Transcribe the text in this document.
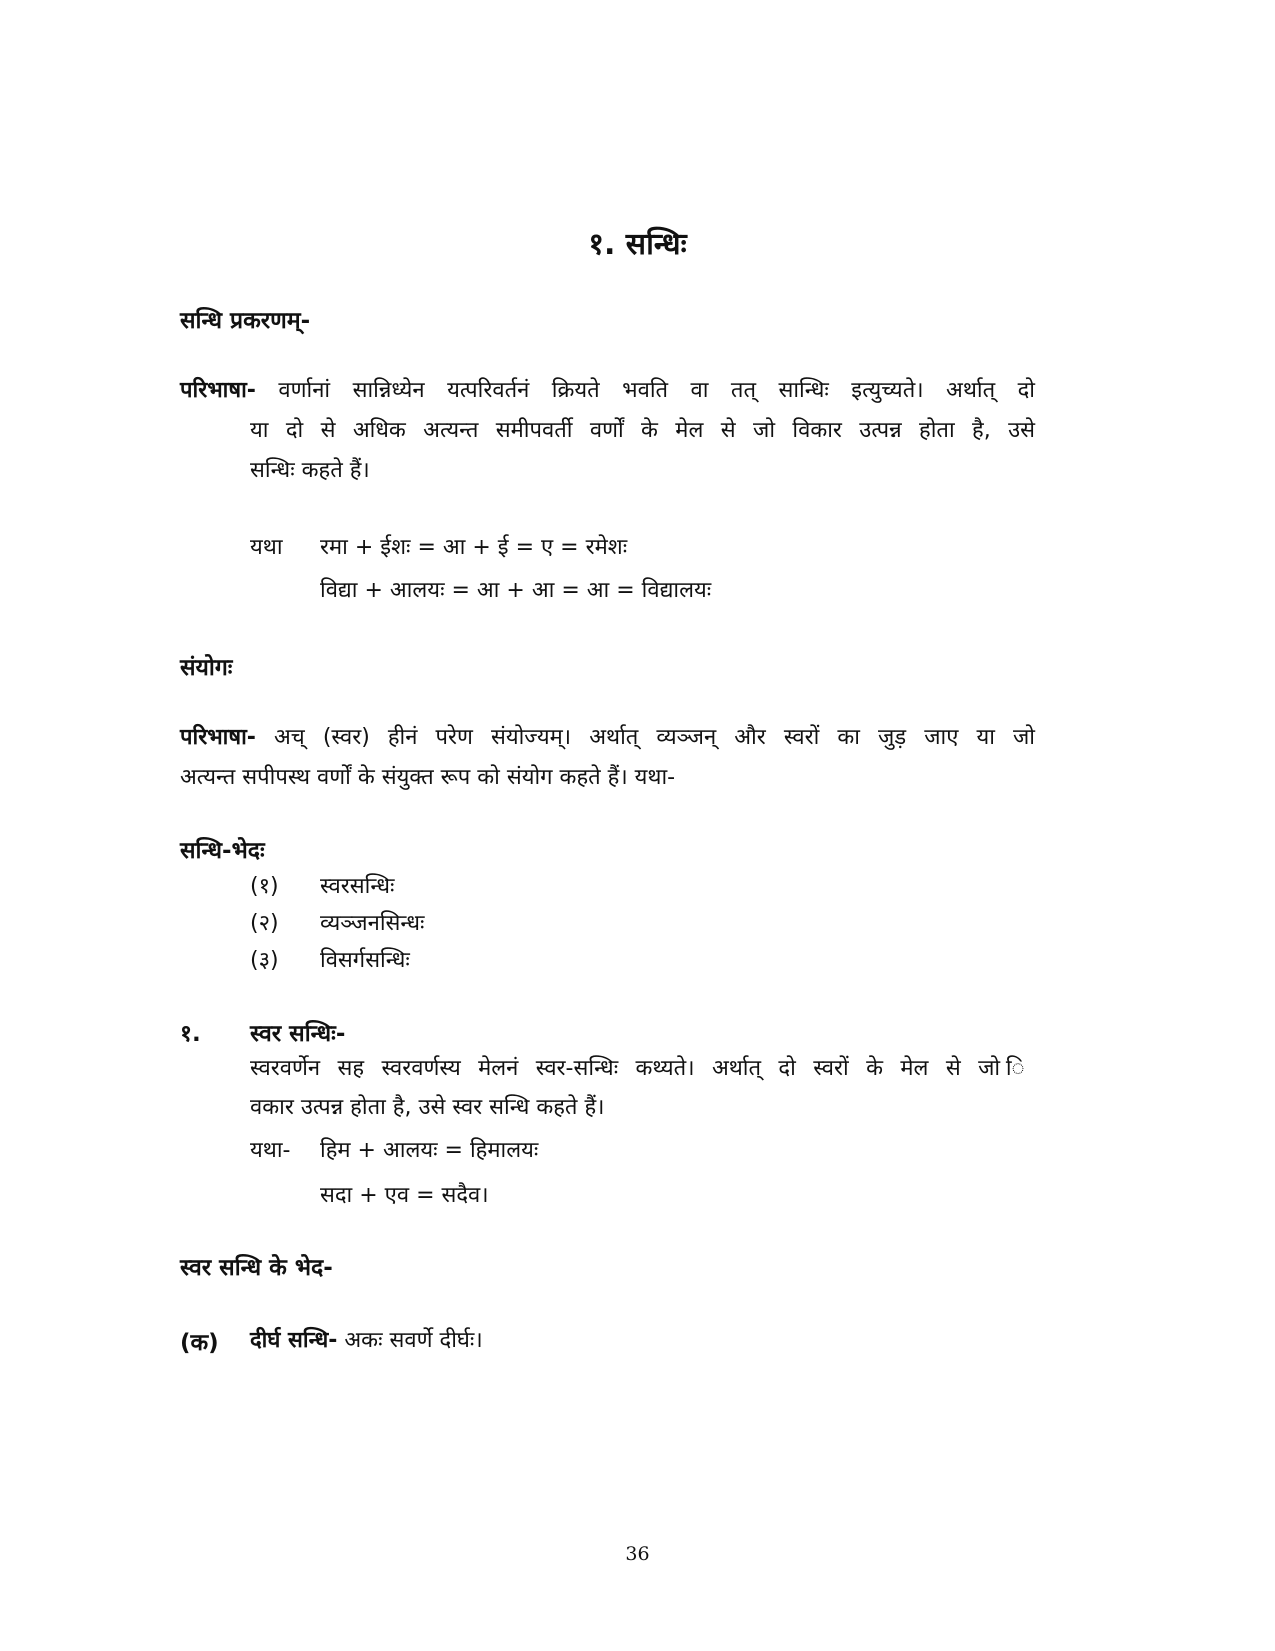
१. सन्धिः
सन्धि प्रकरणम्-
परिभाषा- वर्णानां सान्निध्येन यत्परिवर्तनं क्रियते भवति वा तत् सान्धिः इत्युच्यते। अर्थात् दो
या दो से अधिक अत्यन्त समीपवर्ती वर्णों के मेल से जो विकार उत्पन्न होता है, उसे
सन्धिः कहते हैं।
यथा रमा + ईशः = आ + ई = ए = रमेशः
विद्या + आलयः = आ + आ = आ = विद्यालयः
संयोगः
परिभाषा- अच् (स्वर) हीनं परेण संयोज्यम्। अर्थात् व्यञ्जन् और स्वरों का जुड़ जाए या जो
अत्यन्त सपीपस्थ वर्णों के संयुक्त रूप को संयोग कहते हैं। यथा-
सन्धि-भेदः
(१) स्वरसन्धिः
(२) व्यञ्जनसिन्धः
(३) विसर्गसन्धिः
१. स्वर सन्धिः-
स्वरवर्णेन सह स्वरवर्णस्य मेलनं स्वर-सन्धिः कथ्यते। अर्थात् दो स्वरों के मेल से जो ि
वकार उत्पन्न होता है, उसे स्वर सन्धि कहते हैं।
यथा- हिम + आलयः = हिमालयः
सदा + एव = सदैव।
स्वर सन्धि के भेद-
(क) दीर्घ सन्धि- अकः सवर्णे दीर्घः।
36
